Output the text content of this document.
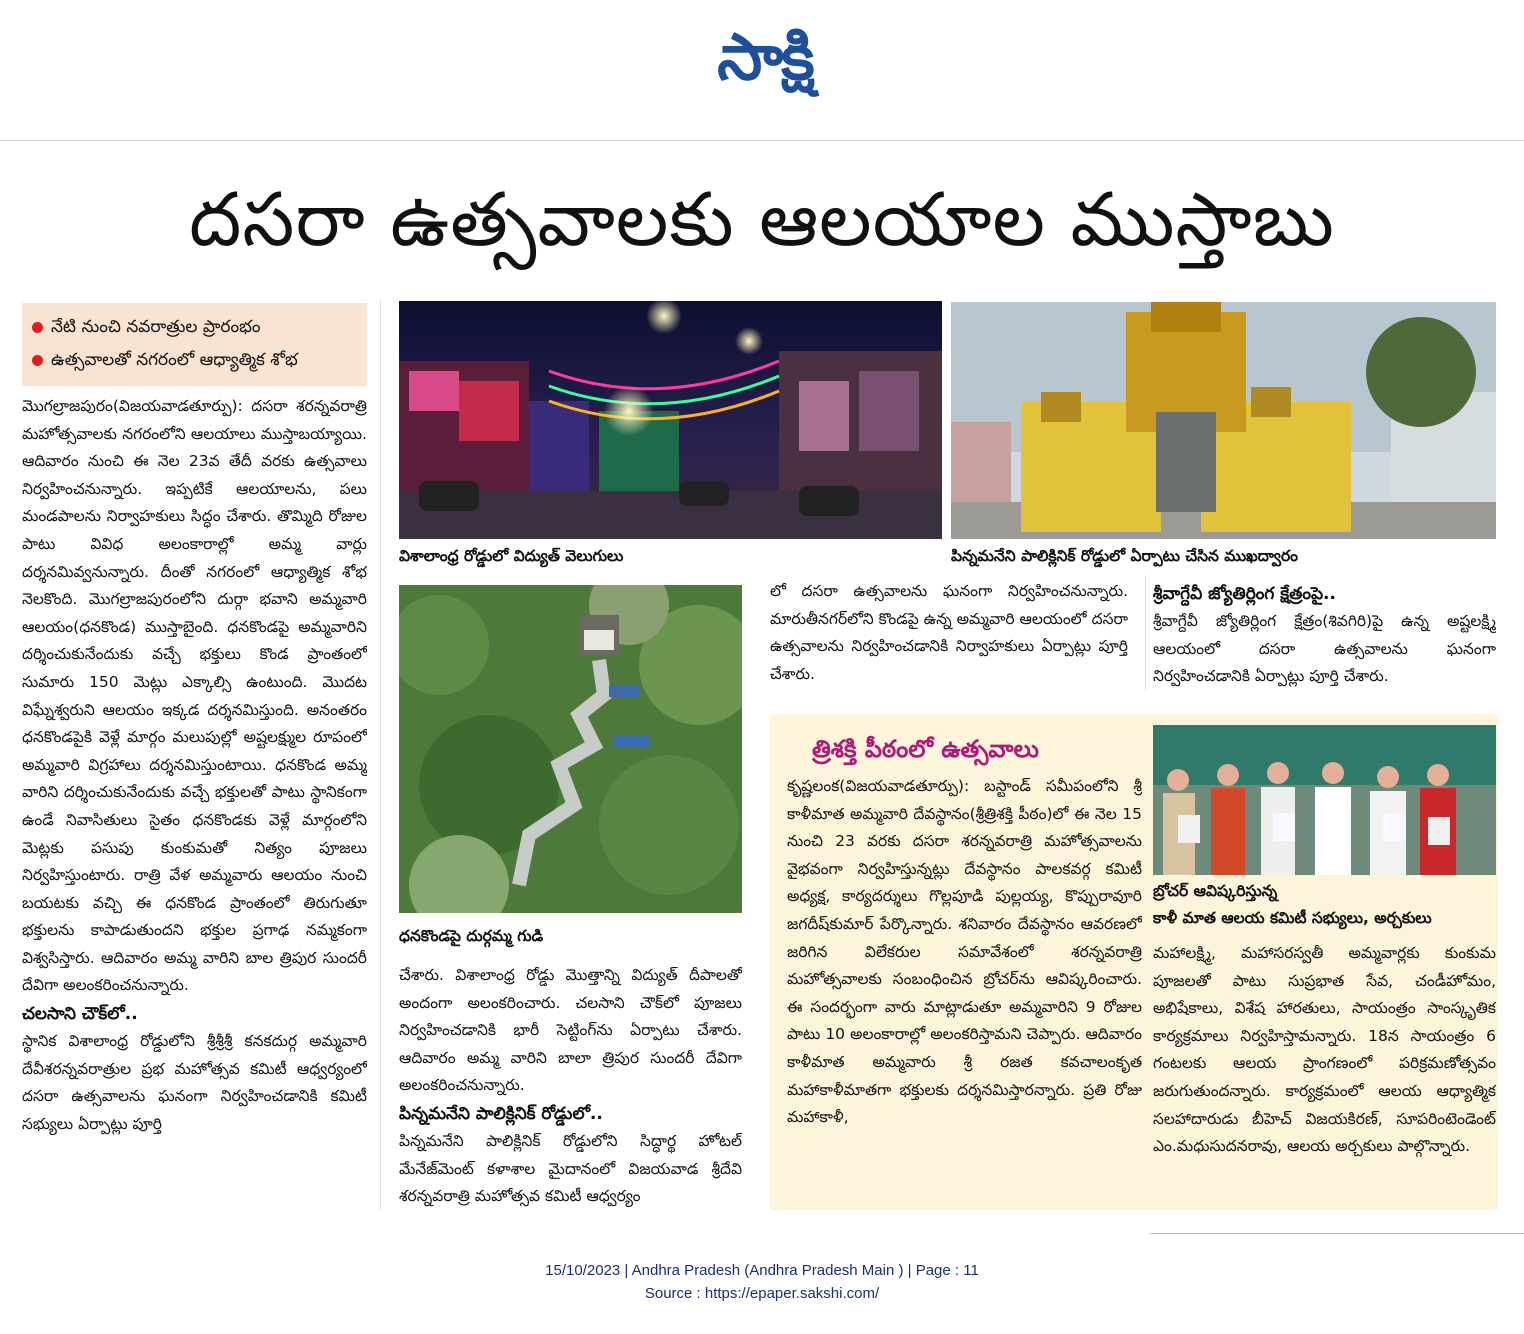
సాక్షి
దసరా ఉత్సవాలకు ఆలయాల ముస్తాబు
నేటి నుంచి నవరాత్రుల ప్రారంభం
ఉత్సవాలతో నగరంలో ఆధ్యాత్మిక శోభ

మొగల్రాజపురం(విజయవాడతూర్పు): దసరా శరన్నవరాత్రి మహోత్సవాలకు నగరంలోని ఆలయాలు ముస్తాబయ్యాయి. ఆదివారం నుంచి ఈ నెల 23వ తేదీ వరకు ఉత్సవాలు నిర్వహించనున్నారు. ఇప్పటికే ఆలయాలను, పలు మండపాలను నిర్వాహకులు సిద్ధం చేశారు. తొమ్మిది రోజుల పాటు వివిధ అలంకారాల్లో అమ్మ వార్లు దర్శనమివ్వనున్నారు. దీంతో నగరంలో ఆధ్యాత్మిక శోభ నెలకొంది. మొగల్రాజపురంలోని దుర్గా భవాని అమ్మవారి ఆలయం(ధనకొండ) ముస్తాబైంది. ధనకొండపై అమ్మవారిని దర్శించుకునేందుకు వచ్చే భక్తులు కొండ ప్రాంతంలో సుమారు 150 మెట్లు ఎక్కాల్సి ఉంటుంది. మొదట విఘ్నేశ్వరుని ఆలయం ఇక్కడ దర్శనమిస్తుంది. అనంతరం ధనకొండపైకి వెళ్లే మార్గం మలుపుల్లో అష్టలక్ష్ముల రూపంలో అమ్మవారి విగ్రహాలు దర్శనమిస్తుంటాయి. ధనకొండ అమ్మ వారిని దర్శించుకునేందుకు వచ్చే భక్తులతో పాటు స్థానికంగా ఉండే నివాసితులు సైతం ధనకొండకు వెళ్లే మార్గంలోని మెట్లకు పసుపు కుంకుమతో నిత్యం పూజలు నిర్వహిస్తుంటారు. రాత్రి వేళ అమ్మవారు ఆలయం నుంచి బయటకు వచ్చి ఈ ధనకొండ ప్రాంతంలో తిరుగుతూ భక్తులను కాపాడుతుందని భక్తుల ప్రగాఢ నమ్మకంగా విశ్వసిస్తారు. ఆదివారం అమ్మ వారిని బాల త్రిపుర సుందరీ దేవిగా అలంకరించనున్నారు.

చలసాని చౌక్‌లో..

స్థానిక విశాలాంధ్ర రోడ్డులోని శ్రీశ్రీశ్రీ కనకదుర్గ అమ్మవారి దేవీశరన్నవరాత్రుల ప్రభ మహోత్సవ కమిటీ ఆధ్వర్యంలో దసరా ఉత్సవాలను ఘనంగా నిర్వహించడానికి కమిటీ సభ్యులు ఏర్పాట్లు పూర్తి

విశాలాంధ్ర రోడ్డులో విద్యుత్‌ వెలుగులు	పిన్నమనేని పాలిక్లినిక్‌ రోడ్డులో ఏర్పాటు చేసిన ముఖద్వారం
ధనకొండపై దుర్గమ్మ గుడి

చేశారు. విశాలాంధ్ర రోడ్డు మొత్తాన్ని విద్యుత్‌ దీపాలతో అందంగా అలంకరించారు. చలసాని చౌక్‌లో పూజలు నిర్వహించడానికి భారీ సెట్టింగ్‌ను ఏర్పాటు చేశారు. ఆదివారం అమ్మ వారిని బాలా త్రిపుర సుందరీ దేవిగా అలంకరించనున్నారు.

పిన్నమనేని పాలిక్లినిక్‌ రోడ్డులో..

పిన్నమనేని పాలిక్లినిక్‌ రోడ్డులోని సిద్ధార్థ హోటల్‌ మేనేజ్‌మెంట్‌ కళాశాల మైదానంలో విజయవాడ శ్రీదేవి శరన్నవరాత్రి మహోత్సవ కమిటీ ఆధ్వర్యం

లో దసరా ఉత్సవాలను ఘనంగా నిర్వహించనున్నారు. మారుతీనగర్‌లోని కొండపై ఉన్న అమ్మవారి ఆలయంలో దసరా ఉత్సవాలను నిర్వహించడానికి నిర్వాహకులు ఏర్పాట్లు పూర్తి చేశారు.

శ్రీవాగ్దేవీ జ్యోతిర్లింగ క్షేత్రంపై..

శ్రీవాగ్దేవీ జ్యోతిర్లింగ క్షేత్రం(శివగిరి)పై ఉన్న అష్టలక్ష్మి ఆలయంలో దసరా ఉత్సవాలను ఘనంగా నిర్వహించడానికి ఏర్పాట్లు పూర్తి చేశారు.

త్రిశక్తి పీఠంలో ఉత్సవాలు

కృష్ణలంక(విజయవాడతూర్పు): బస్టాండ్‌ సమీపంలోని శ్రీ కాళీమాత అమ్మవారి దేవస్థానం(శ్రీత్రిశక్తి పీఠం)లో ఈ నెల 15 నుంచి 23 వరకు దసరా శరన్నవరాత్రి మహోత్సవాలను వైభవంగా నిర్వహిస్తున్నట్లు దేవస్థానం పాలకవర్గ కమిటీ అధ్యక్ష, కార్యదర్శులు గొల్లపూడి పుల్లయ్య, కొప్పురావూరి జగదీష్‌కుమార్‌ పేర్కొన్నారు. శనివారం దేవస్థానం ఆవరణలో జరిగిన విలేకరుల సమావేశంలో శరన్నవరాత్రి మహోత్సవాలకు సంబంధించిన బ్రోచర్‌ను ఆవిష్కరించారు. ఈ సందర్భంగా వారు మాట్లాడుతూ అమ్మవారిని 9 రోజుల పాటు 10 అలంకారాల్లో అలంకరిస్తామని చెప్పారు. ఆదివారం కాళీమాత అమ్మవారు శ్రీ రజత కవచాలంకృత మహాకాళీమాతగా భక్తులకు దర్శనమిస్తారన్నారు. ప్రతి రోజు మహాకాళీ,

బ్రోచర్‌ ఆవిష్కరిస్తున్న
కాళీ మాత ఆలయ కమిటీ సభ్యులు, అర్చకులు

మహాలక్ష్మి, మహాసరస్వతీ అమ్మవార్లకు కుంకుమ పూజలతో పాటు సుప్రభాత సేవ, చండీహోమం, అభిషేకాలు, విశేష హారతులు, సాయంత్రం సాంస్కృతిక కార్యక్రమాలు నిర్వహిస్తామన్నారు. 18న సాయంత్రం 6 గంటలకు ఆలయ ప్రాంగణంలో పరిక్రమణోత్సవం జరుగుతుందన్నారు. కార్యక్రమంలో ఆలయ ఆధ్యాత్మిక సలహాదారుడు బీహెచ్‌ విజయకిరణ్‌, సూపరింటెండెంట్‌ ఎం.మధుసుదనరావు, ఆలయ అర్చకులు పాల్గొన్నారు.

15/10/2023 | Andhra Pradesh (Andhra Pradesh Main ) | Page : 11
Source : https://epaper.sakshi.com/
